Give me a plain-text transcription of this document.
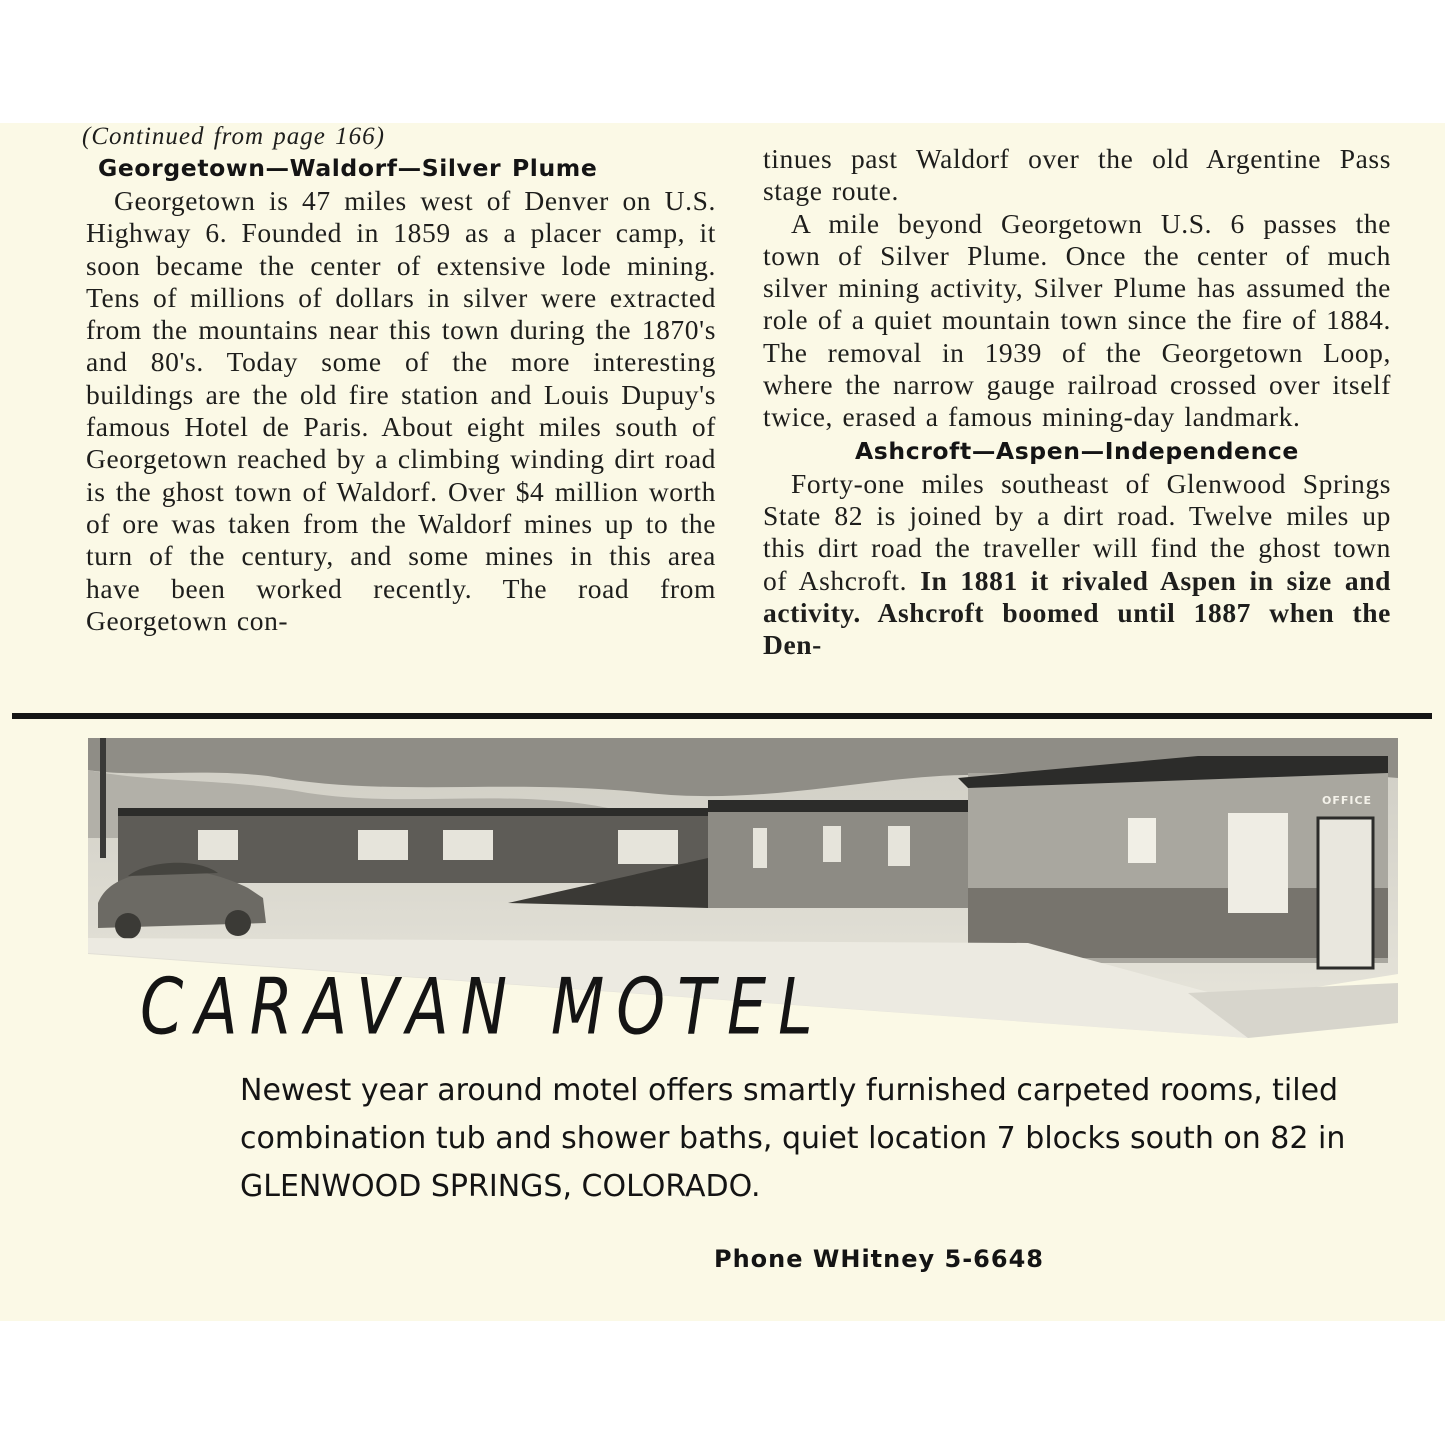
(Continued from page 166)

Georgetown—Waldorf—Silver Plume

Georgetown is 47 miles west of Denver on U.S. Highway 6. Founded in 1859 as a placer camp, it soon became the center of extensive lode mining. Tens of millions of dollars in silver were extracted from the mountains near this town during the 1870's and 80's. Today some of the more interesting buildings are the old fire station and Louis Dupuy's famous Hotel de Paris. About eight miles south of Georgetown reached by a climbing winding dirt road is the ghost town of Waldorf. Over $4 million worth of ore was taken from the Waldorf mines up to the turn of the century, and some mines in this area have been worked recently. The road from Georgetown con-

tinues past Waldorf over the old Argentine Pass stage route.

A mile beyond Georgetown U.S. 6 passes the town of Silver Plume. Once the center of much silver mining activity, Silver Plume has assumed the role of a quiet mountain town since the fire of 1884. The removal in 1939 of the Georgetown Loop, where the narrow gauge railroad crossed over itself twice, erased a famous mining-day landmark.

Ashcroft—Aspen—Independence

Forty-one miles southeast of Glenwood Springs State 82 is joined by a dirt road. Twelve miles up this dirt road the traveller will find the ghost town of Ashcroft. In 1881 it rivaled Aspen in size and activity. Ashcroft boomed until 1887 when the Den-

OFFICE
CARAVAN MOTEL

Newest year around motel offers smartly furnished carpeted rooms, tiled combination tub and shower baths, quiet location 7 blocks south on 82 in GLENWOOD SPRINGS, COLORADO.

Phone WHitney 5-6648
